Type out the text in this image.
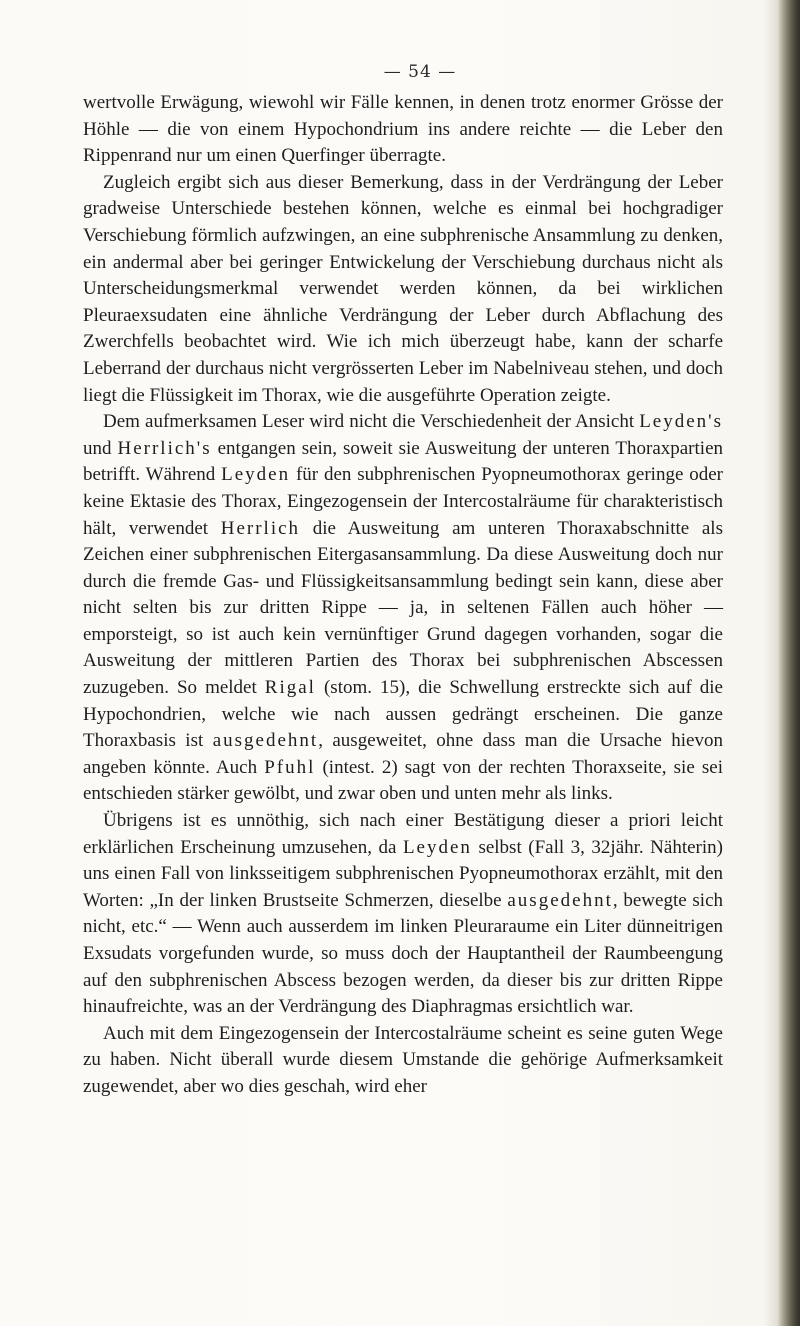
— 54 —

wertvolle Erwägung, wiewohl wir Fälle kennen, in denen trotz enormer Grösse der Höhle — die von einem Hypochondrium ins andere reichte — die Leber den Rippenrand nur um einen Querfinger überragte.

Zugleich ergibt sich aus dieser Bemerkung, dass in der Verdrängung der Leber gradweise Unterschiede bestehen können, welche es einmal bei hochgradiger Verschiebung förmlich aufzwingen, an eine subphrenische Ansammlung zu denken, ein andermal aber bei geringer Entwickelung der Verschiebung durchaus nicht als Unterscheidungsmerkmal verwendet werden können, da bei wirklichen Pleuraexsudaten eine ähnliche Verdrängung der Leber durch Abflachung des Zwerchfells beobachtet wird. Wie ich mich überzeugt habe, kann der scharfe Leberrand der durchaus nicht vergrösserten Leber im Nabelniveau stehen, und doch liegt die Flüssigkeit im Thorax, wie die ausgeführte Operation zeigte.

Dem aufmerksamen Leser wird nicht die Verschiedenheit der Ansicht Leyden's und Herrlich's entgangen sein, soweit sie Ausweitung der unteren Thoraxpartien betrifft. Während Leyden für den subphrenischen Pyopneumothorax geringe oder keine Ektasie des Thorax, Eingezogensein der Intercostalräume für charakteristisch hält, verwendet Herrlich die Ausweitung am unteren Thoraxabschnitte als Zeichen einer subphrenischen Eitergasansammlung. Da diese Ausweitung doch nur durch die fremde Gas- und Flüssigkeitsansammlung bedingt sein kann, diese aber nicht selten bis zur dritten Rippe — ja, in seltenen Fällen auch höher — emporsteigt, so ist auch kein vernünftiger Grund dagegen vorhanden, sogar die Ausweitung der mittleren Partien des Thorax bei subphrenischen Abscessen zuzugeben. So meldet Rigal (stom. 15), die Schwellung erstreckte sich auf die Hypochondrien, welche wie nach aussen gedrängt erscheinen. Die ganze Thoraxbasis ist ausgedehnt, ausgeweitet, ohne dass man die Ursache hievon angeben könnte. Auch Pfuhl (intest. 2) sagt von der rechten Thoraxseite, sie sei entschieden stärker gewölbt, und zwar oben und unten mehr als links.

Übrigens ist es unnöthig, sich nach einer Bestätigung dieser a priori leicht erklärlichen Erscheinung umzusehen, da Leyden selbst (Fall 3, 32jähr. Nähterin) uns einen Fall von linksseitigem subphrenischen Pyopneumothorax erzählt, mit den Worten: „In der linken Brustseite Schmerzen, dieselbe ausgedehnt, bewegte sich nicht, etc.“ — Wenn auch ausserdem im linken Pleuraraume ein Liter dünneitrigen Exsudats vorgefunden wurde, so muss doch der Hauptantheil der Raumbeengung auf den subphrenischen Abscess bezogen werden, da dieser bis zur dritten Rippe hinaufreichte, was an der Verdrängung des Diaphragmas ersichtlich war.

Auch mit dem Eingezogensein der Intercostalräume scheint es seine guten Wege zu haben. Nicht überall wurde diesem Umstande die gehörige Aufmerksamkeit zugewendet, aber wo dies geschah, wird eher
